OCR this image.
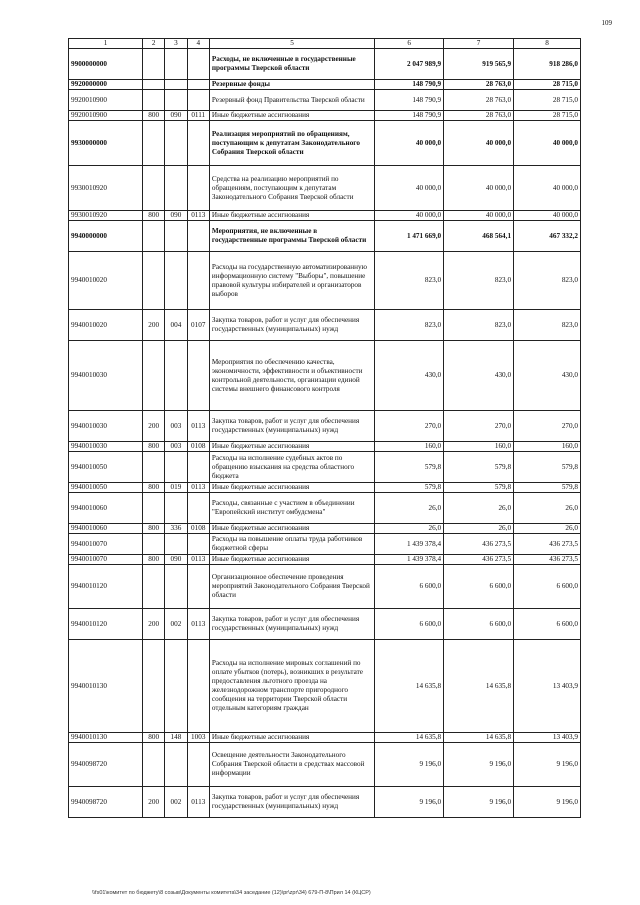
109
1	2	3	4	5	6	7	8
9900000000				Расходы, не включенные в государственные программы Тверской области	2 047 989,9	919 565,9	918 286,0
9920000000				Резервные фонды	148 790,9	28 763,0	28 715,0
9920010900				Резервный фонд Правительства Тверской области	148 790,9	28 763,0	28 715,0
9920010900	800	090	0111	Иные бюджетные ассигнования	148 790,9	28 763,0	28 715,0
9930000000				Реализация мероприятий по обращениям, поступающим к депутатам Законодательного Собрания Тверской области	40 000,0	40 000,0	40 000,0
9930010920				Средства на реализацию мероприятий по обращениям, поступающим к депутатам Законодательного Собрания Тверской области	40 000,0	40 000,0	40 000,0
9930010920	800	090	0113	Иные бюджетные ассигнования	40 000,0	40 000,0	40 000,0
9940000000				Мероприятия, не включенные в государственные программы Тверской области	1 471 669,0	468 564,1	467 332,2
9940010020				Расходы на государственную автоматизированную информационную систему "Выборы", повышение правовой культуры избирателей и организаторов выборов	823,0	823,0	823,0
9940010020	200	004	0107	Закупка товаров, работ и услуг для обеспечения государственных (муниципальных) нужд	823,0	823,0	823,0
9940010030				Мероприятия по обеспечению качества, экономичности, эффективности и объективности контрольной деятельности, организации единой системы внешнего финансового контроля	430,0	430,0	430,0
9940010030	200	003	0113	Закупка товаров, работ и услуг для обеспечения государственных (муниципальных) нужд	270,0	270,0	270,0
9940010030	800	003	0108	Иные бюджетные ассигнования	160,0	160,0	160,0
9940010050				Расходы на исполнение судебных актов по обращению взыскания на средства областного бюджета	579,8	579,8	579,8
9940010050	800	019	0113	Иные бюджетные ассигнования	579,8	579,8	579,8
9940010060				Расходы, связанные с участием в объединении "Европейский институт омбудсмена"	26,0	26,0	26,0
9940010060	800	336	0108	Иные бюджетные ассигнования	26,0	26,0	26,0
9940010070				Расходы на повышение оплаты труда работников бюджетной сферы	1 439 378,4	436 273,5	436 273,5
9940010070	800	090	0113	Иные бюджетные ассигнования	1 439 378,4	436 273,5	436 273,5
9940010120				Организационное обеспечение проведения мероприятий Законодательного Собрания Тверской области	6 600,0	6 600,0	6 600,0
9940010120	200	002	0113	Закупка товаров, работ и услуг для обеспечения государственных (муниципальных) нужд	6 600,0	6 600,0	6 600,0
9940010130				Расходы на исполнение мировых соглашений по оплате убытков (потерь), возникших в результате предоставления льготного проезда на железнодорожном транспорте пригородного сообщения на территории Тверской области отдельным категориям граждан	14 635,8	14 635,8	13 403,9
9940010130	800	148	1003	Иные бюджетные ассигнования	14 635,8	14 635,8	13 403,9
9940098720				Освещение деятельности Законодательного Собрания Тверской области в средствах массовой информации	9 196,0	9 196,0	9 196,0
9940098720	200	002	0113	Закупка товаров, работ и услуг для обеспечения государственных (муниципальных) нужд	9 196,0	9 196,0	9 196,0
\\fs01\комитет по бюджету\8 созыв\Документы комитета\34 заседание (12)\pr\zpr\34) 679-П-8\Прил 14 (КЦСР)
